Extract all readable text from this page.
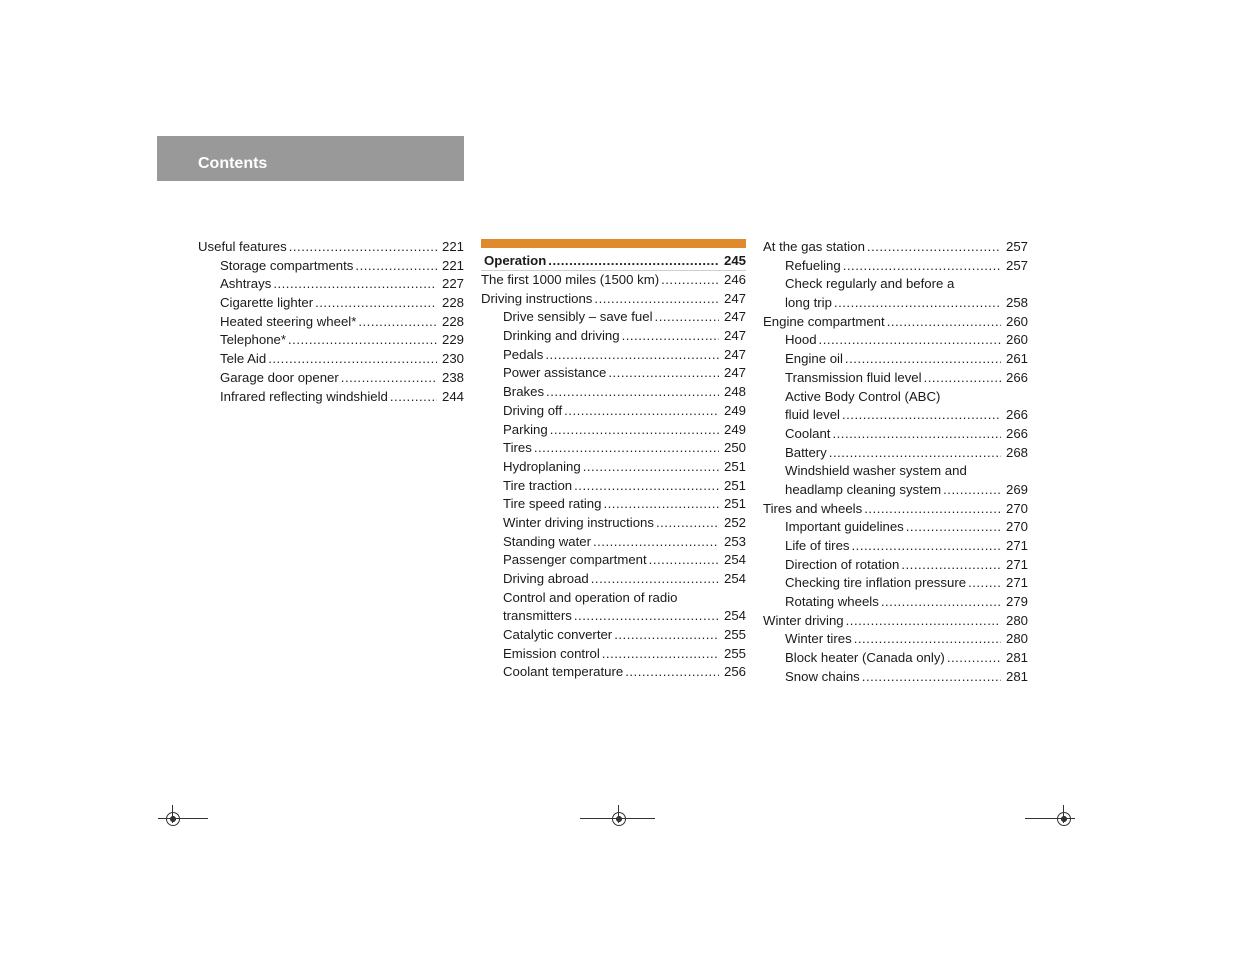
Contents
Useful features .....	221
Storage compartments .....	221
Ashtrays .....	227
Cigarette lighter .....	228
Heated steering wheel* .....	228
Telephone* .....	229
Tele Aid .....	230
Garage door opener .....	238
Infrared reflecting windshield .....	244
Operation .....	245
The first 1000 miles (1500 km) .....	246
Driving instructions .....	247
Drive sensibly – save fuel .....	247
Drinking and driving .....	247
Pedals .....	247
Power assistance .....	247
Brakes .....	248
Driving off .....	249
Parking .....	249
Tires .....	250
Hydroplaning .....	251
Tire traction .....	251
Tire speed rating .....	251
Winter driving instructions .....	252
Standing water .....	253
Passenger compartment .....	254
Driving abroad .....	254
Control and operation of radio
transmitters .....	254
Catalytic converter .....	255
Emission control .....	255
Coolant temperature .....	256
At the gas station .....	257
Refueling .....	257
Check regularly and before a
long trip .....	258
Engine compartment .....	260
Hood .....	260
Engine oil .....	261
Transmission fluid level .....	266
Active Body Control (ABC)
fluid level .....	266
Coolant .....	266
Battery .....	268
Windshield washer system and
headlamp cleaning system .....	269
Tires and wheels .....	270
Important guidelines .....	270
Life of tires .....	271
Direction of rotation .....	271
Checking tire inflation pressure .....	271
Rotating wheels .....	279
Winter driving .....	280
Winter tires .....	280
Block heater (Canada only) .....	281
Snow chains .....	281
